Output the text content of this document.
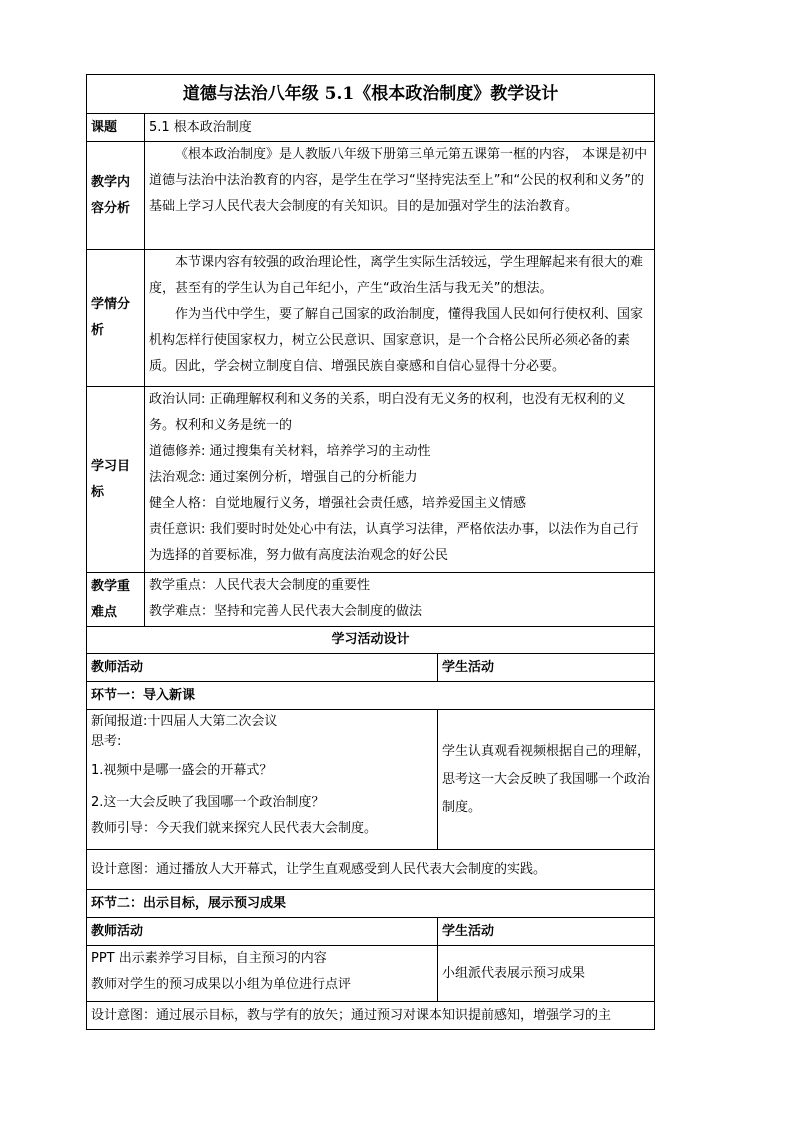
道德与法治八年级 5.1《根本政治制度》教学设计		
课题	5.1 根本政治制度	
教学内容分析	《根本政治制度》是人教版八年级下册第三单元第五课第一框的内容， 本课是初中道德与法治中法治教育的内容，是学生在学习“坚持宪法至上”和“公民的权利和义务”的基础上学习人民代表大会制度的有关知识。目的是加强对学生的法治教育。	
学情分析	本节课内容有较强的政治理论性，离学生实际生活较远，学生理解起来有很大的难度，甚至有的学生认为自己年纪小，产生“政治生活与我无关”的想法。

作为当代中学生，要了解自己国家的政治制度，懂得我国人民如何行使权利、国家机构怎样行使国家权力，树立公民意识、国家意识，是一个合格公民所必须必备的素质。因此，学会树立制度自信、增强民族自豪感和自信心显得十分必要。	

学习目标	政治认同: 正确理解权利和义务的关系，明白没有无义务的权利，也没有无权利的义务。权利和义务是统一的

道德修养: 通过搜集有关材料，培养学习的主动性

法治观念: 通过案例分析，增强自己的分析能力

健全人格：自觉地履行义务，增强社会责任感，培养爱国主义情感

责任意识: 我们要时时处处心中有法，认真学习法律，严格依法办事，以法作为自己行为选择的首要标准，努力做有高度法治观念的好公民	

教学重难点	教学重点：人民代表大会制度的重要性

教学难点：坚持和完善人民代表大会制度的做法	

学习活动设计		
教师活动		学生活动
环节一：导入新课		

新闻报道:十四届人大第二次会议

思考:

1.视频中是哪一盛会的开幕式？

2.这一大会反映了我国哪一个政治制度？

教师引导：今天我们就来探究人民代表大会制度。		学生认真观看视频根据自己的理解，思考这一大会反映了我国哪一个政治制度。
设计意图：通过播放人大开幕式，让学生直观感受到人民代表大会制度的实践。		
环节二：出示目标，展示预习成果		
教师活动		学生活动

PPT 出示素养学习目标，自主预习的内容

教师对学生的预习成果以小组为单位进行点评		小组派代表展示预习成果
设计意图：通过展示目标，教与学有的放矢；通过预习对课本知识提前感知，增强学习的主		
